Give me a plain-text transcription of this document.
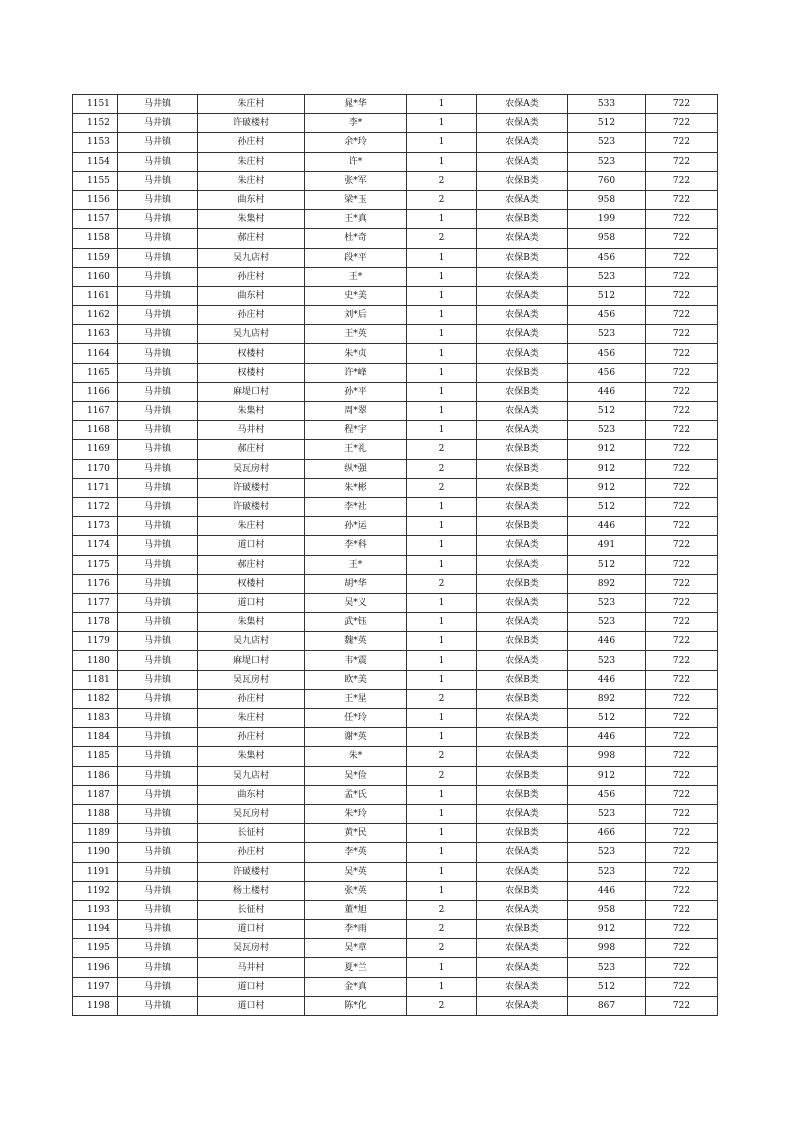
1151	马井镇	朱庄村	晁*华	1	农保A类	533	722
1152	马井镇	许破楼村	李*	1	农保A类	512	722
1153	马井镇	孙庄村	余*玲	1	农保A类	523	722
1154	马井镇	朱庄村	许*	1	农保A类	523	722
1155	马井镇	朱庄村	张*军	2	农保B类	760	722
1156	马井镇	曲东村	梁*玉	2	农保A类	958	722
1157	马井镇	朱集村	王*真	1	农保B类	199	722
1158	马井镇	郝庄村	杜*奇	2	农保A类	958	722
1159	马井镇	吴九店村	段*平	1	农保B类	456	722
1160	马井镇	孙庄村	王*	1	农保A类	523	722
1161	马井镇	曲东村	史*美	1	农保A类	512	722
1162	马井镇	孙庄村	刘*后	1	农保A类	456	722
1163	马井镇	吴九店村	王*英	1	农保A类	523	722
1164	马井镇	权楼村	朱*贞	1	农保A类	456	722
1165	马井镇	权楼村	许*峰	1	农保B类	456	722
1166	马井镇	麻堤口村	孙*平	1	农保B类	446	722
1167	马井镇	朱集村	周*翠	1	农保A类	512	722
1168	马井镇	马井村	程*宇	1	农保A类	523	722
1169	马井镇	郝庄村	王*礼	2	农保B类	912	722
1170	马井镇	吴瓦房村	纵*强	2	农保B类	912	722
1171	马井镇	许破楼村	朱*彬	2	农保B类	912	722
1172	马井镇	许破楼村	李*社	1	农保A类	512	722
1173	马井镇	朱庄村	孙*运	1	农保B类	446	722
1174	马井镇	道口村	李*科	1	农保A类	491	722
1175	马井镇	郝庄村	王*	1	农保A类	512	722
1176	马井镇	权楼村	胡*华	2	农保B类	892	722
1177	马井镇	道口村	吴*义	1	农保A类	523	722
1178	马井镇	朱集村	武*钰	1	农保A类	523	722
1179	马井镇	吴九店村	魏*英	1	农保B类	446	722
1180	马井镇	麻堤口村	韦*震	1	农保A类	523	722
1181	马井镇	吴瓦房村	欧*美	1	农保B类	446	722
1182	马井镇	孙庄村	王*星	2	农保B类	892	722
1183	马井镇	朱庄村	任*玲	1	农保A类	512	722
1184	马井镇	孙庄村	谢*英	1	农保B类	446	722
1185	马井镇	朱集村	朱*	2	农保A类	998	722
1186	马井镇	吴九店村	吴*俭	2	农保B类	912	722
1187	马井镇	曲东村	孟*氏	1	农保B类	456	722
1188	马井镇	吴瓦房村	朱*玲	1	农保A类	523	722
1189	马井镇	长征村	黄*民	1	农保B类	466	722
1190	马井镇	孙庄村	李*英	1	农保A类	523	722
1191	马井镇	许破楼村	吴*英	1	农保A类	523	722
1192	马井镇	杨土楼村	张*英	1	农保B类	446	722
1193	马井镇	长征村	董*旭	2	农保A类	958	722
1194	马井镇	道口村	李*雨	2	农保B类	912	722
1195	马井镇	吴瓦房村	吴*章	2	农保A类	998	722
1196	马井镇	马井村	夏*兰	1	农保A类	523	722
1197	马井镇	道口村	金*真	1	农保A类	512	722
1198	马井镇	道口村	陈*化	2	农保A类	867	722
